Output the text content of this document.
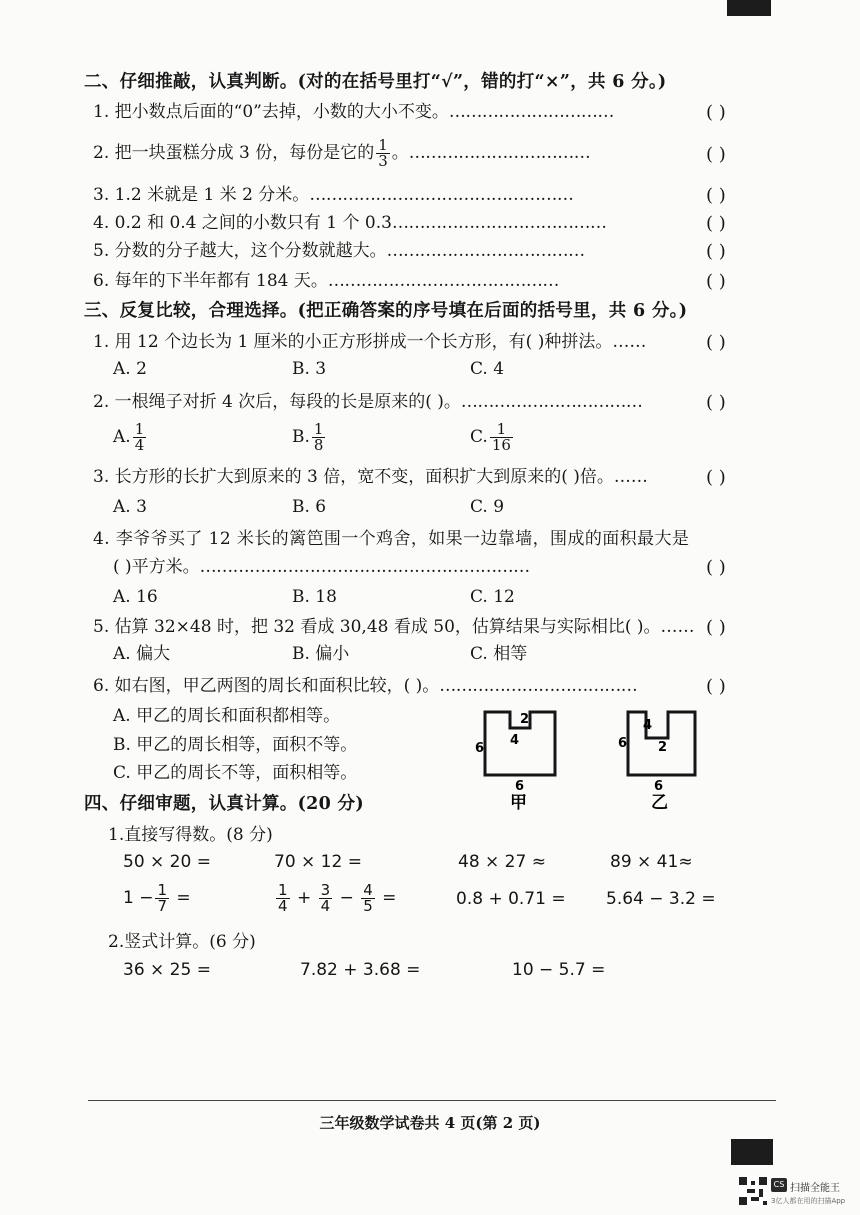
二、仔细推敲，认真判断。(对的在括号里打“√”，错的打“×”，共 6 分。)
1. 把小数点后面的“0”去掉，小数的大小不变。…………………………	( )
2. 把一块蛋糕分成 3 份，每份是它的 $\frac{1}{3}$ 。……………………………	( )
3. 1.2 米就是 1 米 2 分米。…………………………………………	( )
4. 0.2 和 0.4 之间的小数只有 1 个 0.3…………………………………	( )
5. 分数的分子越大，这个分数就越大。………………………………	( )
6. 每年的下半年都有 184 天。……………………………………	( )
三、反复比较，合理选择。(把正确答案的序号填在后面的括号里，共 6 分。)
1. 用 12 个边长为 1 厘米的小正方形拼成一个长方形，有( )种拼法。……	( )
A. 2	B. 3	C. 4
2. 一根绳子对折 4 次后，每段的长是原来的( )。……………………………	( )
A. $\frac{1}{4}$	B. $\frac{1}{8}$	C. $\frac{1}{16}$
3. 长方形的长扩大到原来的 3 倍，宽不变，面积扩大到原来的( )倍。……	( )
A. 3	B. 6	C. 9
4. 李爷爷买了 12 米长的篱笆围一个鸡舍，如果一边靠墙，围成的面积最大是
( )平方米。……………………………………………………	( )
A. 16	B. 18	C. 12
5. 估算 32×48 时，把 32 看成 30,48 看成 50，估算结果与实际相比( )。…… ( )
A. 偏大	B. 偏小	C. 相等
6. 如右图，甲乙两图的周长和面积比较，( )。………………………………	( )
A. 甲乙的周长和面积都相等。
B. 甲乙的周长相等，面积不等。
C. 甲乙的周长不等，面积相等。
2
4
6
6
甲
4
2
6
6
乙
四、仔细审题，认真计算。(20 分)
1.直接写得数。(8 分)
50 × 20 =	70 × 12 =	48 × 27 ≈	89 × 41≈
$1 - \frac{1}{7}$ =	$\frac{1}{4} + \frac{3}{4} - \frac{4}{5}$ =	0.8 + 0.71 = 5.64 − 3.2 =
2.竖式计算。(6 分)
36 × 25 =	7.82 + 3.68 =	10 − 5.7 =
三年级数学试卷共 4 页(第 2 页)
CS 扫描全能王
3亿人都在用的扫描App
